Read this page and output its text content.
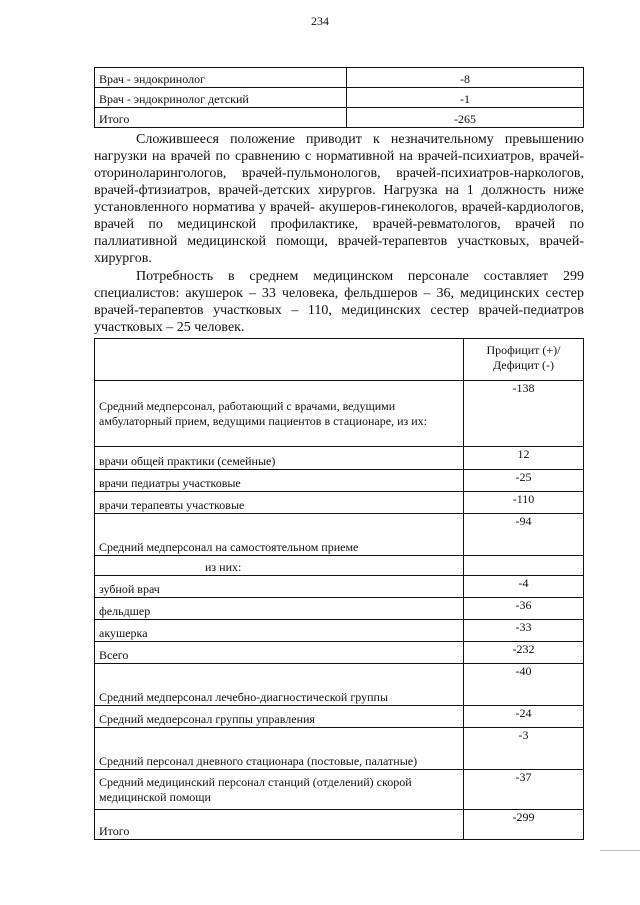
234
Врач - эндокринолог	-8
Врач - эндокринолог детский	-1
Итого	-265

Сложившееся положение приводит к незначительному превышению нагрузки на врачей по сравнению с нормативной на врачей-психиатров, врачей-оториноларингологов, врачей-пульмонологов, врачей-психиатров-наркологов, врачей-фтизиатров, врачей-детских хирургов. Нагрузка на 1 должность ниже установленного норматива у врачей- акушеров-гинекологов, врачей-кардиологов, врачей по медицинской профилактике, врачей-ревматологов, врачей по паллиативной медицинской помощи, врачей-терапевтов участковых, врачей-хирургов.

Потребность в среднем медицинском персонале составляет 299 специалистов: акушерок – 33 человека, фельдшеров – 36, медицинских сестер врачей-терапевтов участковых – 110, медицинских сестер врачей-педиатров участковых – 25 человек.

	Профицит (+)/Дефицит (-)
Средний медперсонал, работающий с врачами, ведущими амбулаторный прием, ведущими пациентов в стационаре, из их:	-138
врачи общей практики (семейные)	12
врачи педиатры участковые	-25
врачи терапевты участковые	-110
Средний медперсонал на самостоятельном приеме	-94
из них:	
зубной врач	-4
фельдшер	-36
акушерка	-33
Всего	-232
Средний медперсонал лечебно-диагностической группы	-40
Средний медперсонал группы управления	-24
Средний персонал дневного стационара (постовые, палатные)	-3
Средний медицинский персонал станций (отделений) скорой медицинской помощи	-37
Итого	-299
